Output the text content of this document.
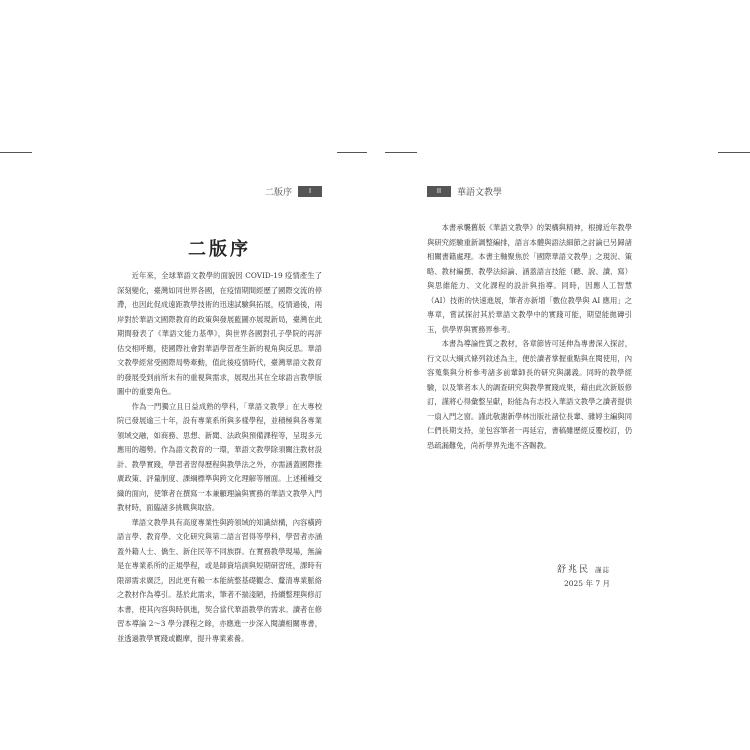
二版序	I
二版序

近年來，全球華語文教學的面貌因 COVID-19 疫情產生了深刻變化，臺灣如同世界各國，在疫情期間經歷了國際交流的停滯，也因此促成遠距教學技術的迅速試驗與拓展，疫情過後，兩岸對於華語文國際教育的政策與發展藍圖亦展現新局，臺灣在此期間發表了《華語文能力基準》，與世界各國對孔子學院的再評估交相呼應，使國際社會對華語學習產生新的視角與反思。華語文教學經常受國際局勢牽動，值此後疫情時代，臺灣華語文教育的發展受到前所未有的重視與需求，展現出其在全球語言教學版圖中的重要角色。

作為一門獨立且日益成熟的學科，「華語文教學」在大專校院已發展逾三十年，設有專業系所與多樣學程，並積極與各專業領域交融，如商務、思想、新聞、法政與預備課程等，呈現多元應用的趨勢。作為語文教育的一環，華語文教學除須關注教材設計、教學實踐，學習者習得歷程與教學法之外，亦需涵蓋國際推廣政策、評量制度、課綱標準與跨文化理解等層面。上述種種交織的面向，使筆者在撰寫一本兼顧理論與實務的華語文教學入門教材時，面臨諸多挑戰與取捨。

華語文教學具有高度專業性與跨領域的知識結構，內容橫跨語言學、教育學、文化研究與第二語言習得等學科，學習者亦涵蓋外籍人士、僑生、新住民等不同族群。在實務教學現場，無論是在專業系所的正規學程，或是師資培訓與短期研習班，課時有限卻需求廣泛，因此更有賴一本能統整基礎觀念、釐清專業脈絡之教材作為導引。基於此需求，筆者不揣淺陋，持續整理與修訂本書，使其內容與時俱進，契合當代華語教學的需求。讀者在修習本導論 2～3 學分課程之餘，亦應進一步深入閱讀相關專書，並透過教學實踐或觀摩，提升專業素養。

II	華語文教學

本書承襲舊版《華語文教學》的架構與精神，根據近年教學與研究經驗重新調整編排，語言本體與語法細節之討論已另歸諸相關書籍處理。本書主軸聚焦於「國際華語文教學」之現況、策略、教材編撰、教學法綜論、涵蓋語言技能（聽、說、讀、寫）與思維能力、文化課程的設計與指導。同時，因應人工智慧（AI）技術的快速進展，筆者亦新增「數位教學與 AI 應用」之專章，嘗試探討其於華語文教學中的實踐可能，期望能拋磚引玉，供學界與實務界參考。

本書為導論性質之教材，各章節皆可延伸為專書深入探討，行文以大綱式條列敘述為主，便於讀者掌握重點與在閱使用，內容蒐集與分析參考諸多前輩師長的研究與講義。同時的教學經驗，以及筆者本人的調查研究與教學實踐成果，藉由此次新版修訂，謹將心得彙整呈獻，盼能為有志投入華語文教學之讀者提供一扇入門之窗。謹此敬謝新學林出版社諸位長輩、雜婷主編與同仁們長期支持，並包容筆者一再延宕，書稿雖歷經反覆校訂，仍恐疏漏難免，尚祈學界先進不吝賜教。

舒兆民 謹誌
2025 年 7 月
